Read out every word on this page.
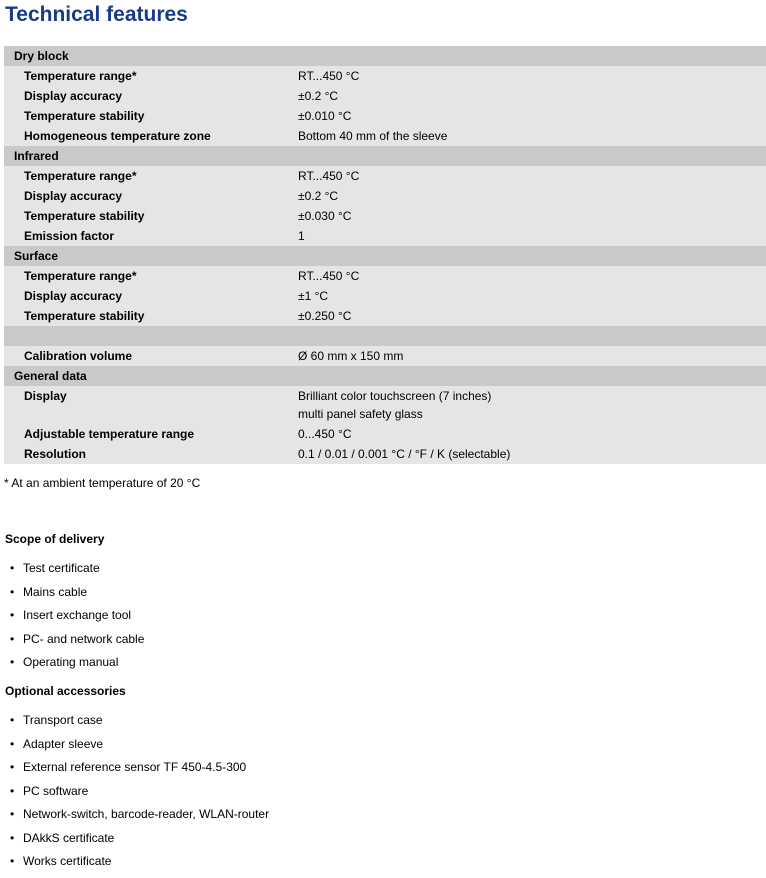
Technical features
Dry block	
Temperature range*	RT...450 °C
Display accuracy	±0.2 °C
Temperature stability	±0.010 °C
Homogeneous temperature zone	Bottom 40 mm of the sleeve
Infrared	
Temperature range*	RT...450 °C
Display accuracy	±0.2 °C
Temperature stability	±0.030 °C
Emission factor	1
Surface	
Temperature range*	RT...450 °C
Display accuracy	±1 °C
Temperature stability	±0.250 °C

Calibration volume	Ø 60 mm x 150 mm
General data	
Display	Brilliant color touchscreen (7 inches)
multi panel safety glass

Adjustable temperature range	0...450 °C
Resolution	0.1 / 0.01 / 0.001 °C / °F / K (selectable)
* At an ambient temperature of 20 °C
Scope of delivery
• Test certificate
• Mains cable
• Insert exchange tool
• PC- and network cable
• Operating manual
Optional accessories
• Transport case
• Adapter sleeve
• External reference sensor TF 450-4.5-300
• PC software
• Network-switch, barcode-reader, WLAN-router
• DAkkS certificate
• Works certificate
